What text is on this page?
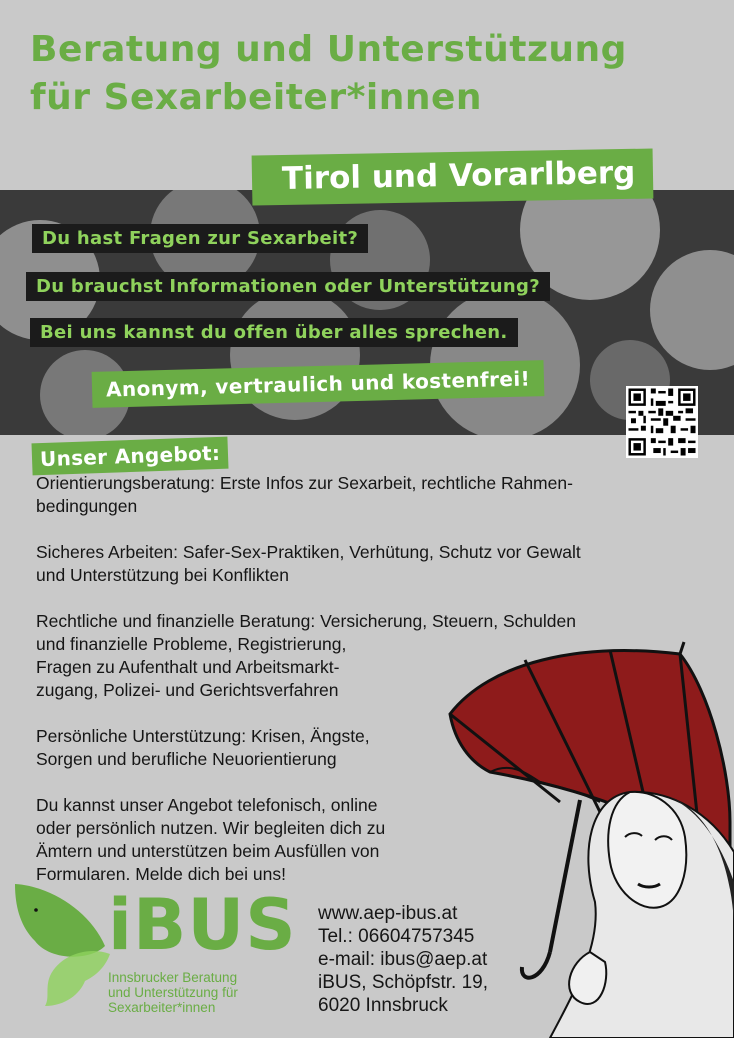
Beratung und Unterstützung
für Sexarbeiter*innen
Tirol und Vorarlberg
Du hast Fragen zur Sexarbeit?
Du brauchst Informationen oder Unterstützung?
Bei uns kannst du offen über alles sprechen.
Anonym, vertraulich und kostenfrei!
Unser Angebot:

Orientierungsberatung: Erste Infos zur Sexarbeit, rechtliche Rahmen-
bedingungen

Sicheres Arbeiten: Safer-Sex-Praktiken, Verhütung, Schutz vor Gewalt
und Unterstützung bei Konflikten

Rechtliche und finanzielle Beratung: Versicherung, Steuern, Schulden
und finanzielle Probleme, Registrierung,
Fragen zu Aufenthalt und Arbeitsmarkt-
zugang, Polizei- und Gerichtsverfahren

Persönliche Unterstützung: Krisen, Ängste,
Sorgen und berufliche Neuorientierung

Du kannst unser Angebot telefonisch, online
oder persönlich nutzen. Wir begleiten dich zu
Ämtern und unterstützen beim Ausfüllen von
Formularen. Melde dich bei uns!

iBUS
Innsbrucker Beratung
und Unterstützung für
Sexarbeiter*innen
www.aep-ibus.at
Tel.: 06604757345
e-mail: ibus@aep.at
iBUS, Schöpfstr. 19,
6020 Innsbruck
